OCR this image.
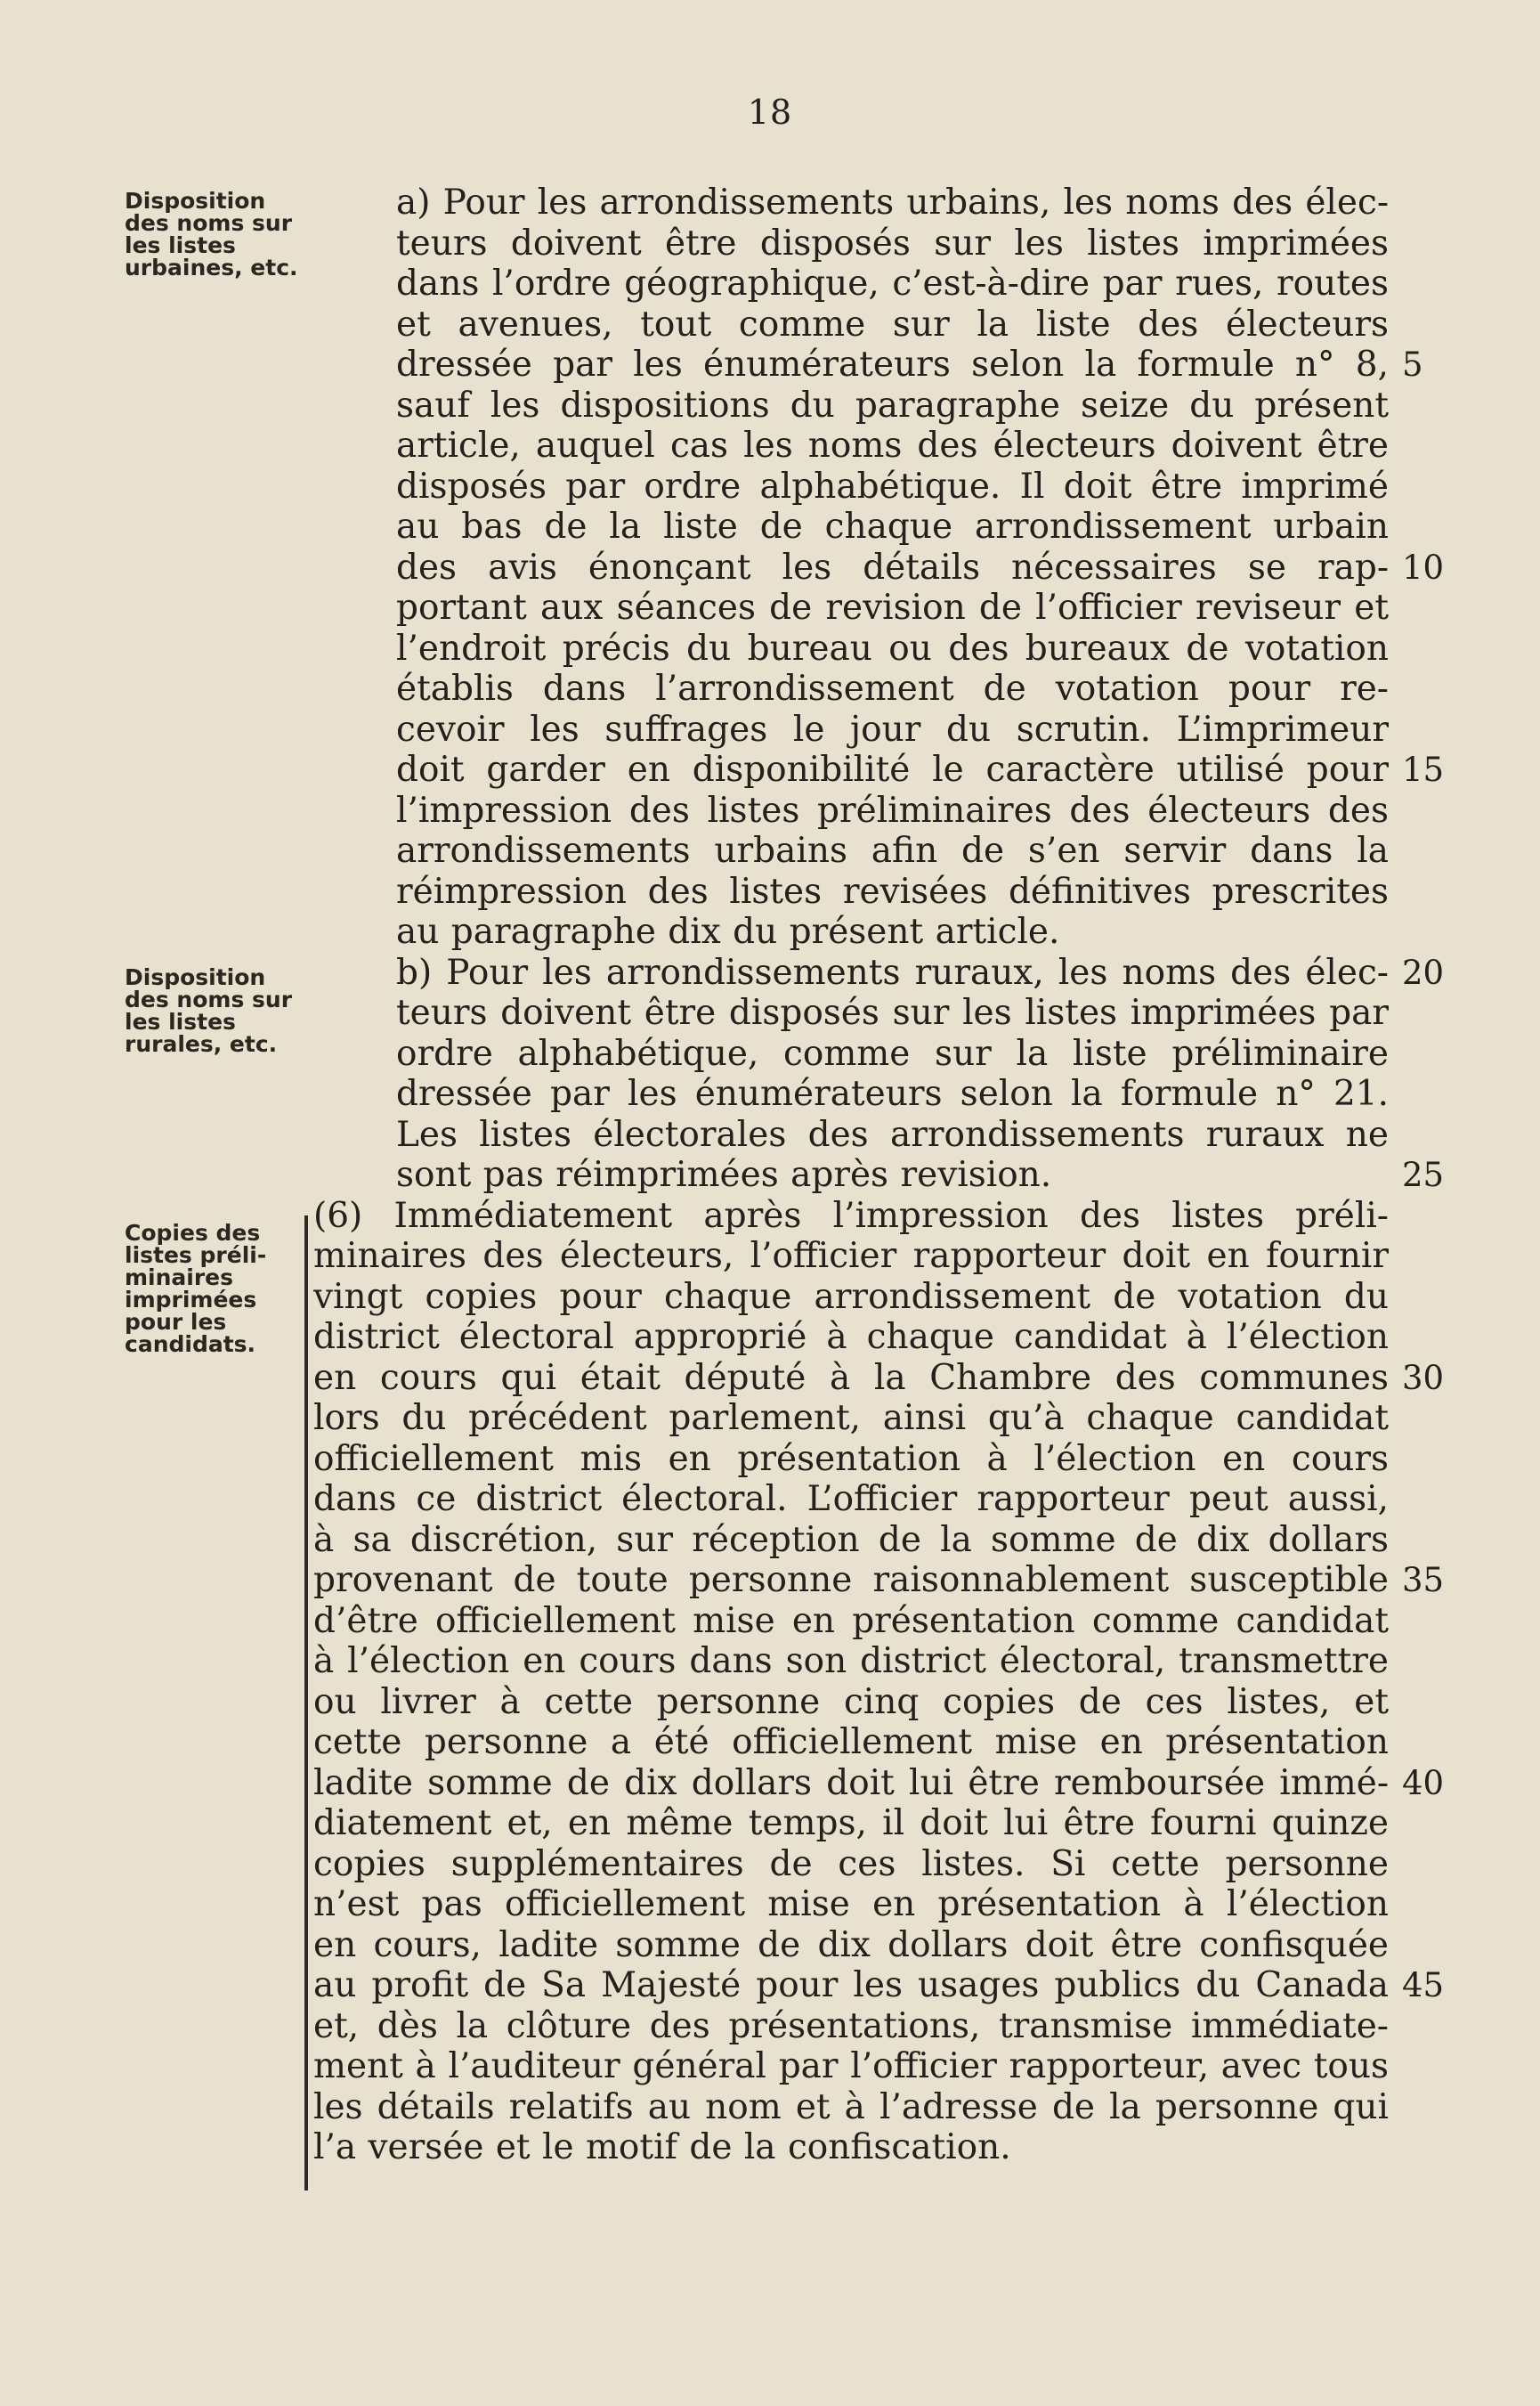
18
Disposition
des noms sur
les listes
urbaines, etc.
Disposition
des noms sur
les listes
rurales, etc.
Copies des
listes préli-
minaires
imprimées
pour les
candidats.
a) Pour les arrondissements urbains, les noms des élec-
teurs doivent être disposés sur les listes imprimées
dans l’ordre géographique, c’est-à-dire par rues, routes
et avenues, tout comme sur la liste des électeurs
dressée par les énumérateurs selon la formule n° 8,
sauf les dispositions du paragraphe seize du présent
article, auquel cas les noms des électeurs doivent être
disposés par ordre alphabétique. Il doit être imprimé
au bas de la liste de chaque arrondissement urbain
des avis énonçant les détails nécessaires se rap-
portant aux séances de revision de l’officier reviseur et
l’endroit précis du bureau ou des bureaux de votation
établis dans l’arrondissement de votation pour re-
cevoir les suffrages le jour du scrutin. L’imprimeur
doit garder en disponibilité le caractère utilisé pour
l’impression des listes préliminaires des électeurs des
arrondissements urbains afin de s’en servir dans la
réimpression des listes revisées définitives prescrites
au paragraphe dix du présent article.
b) Pour les arrondissements ruraux, les noms des élec-
teurs doivent être disposés sur les listes imprimées par
ordre alphabétique, comme sur la liste préliminaire
dressée par les énumérateurs selon la formule n° 21.
Les listes électorales des arrondissements ruraux ne
sont pas réimprimées après revision.
(6) Immédiatement après l’impression des listes préli-
minaires des électeurs, l’officier rapporteur doit en fournir
vingt copies pour chaque arrondissement de votation du
district électoral approprié à chaque candidat à l’élection
en cours qui était député à la Chambre des communes
lors du précédent parlement, ainsi qu’à chaque candidat
officiellement mis en présentation à l’élection en cours
dans ce district électoral. L’officier rapporteur peut aussi,
à sa discrétion, sur réception de la somme de dix dollars
provenant de toute personne raisonnablement susceptible
d’être officiellement mise en présentation comme candidat
à l’élection en cours dans son district électoral, transmettre
ou livrer à cette personne cinq copies de ces listes, et
cette personne a été officiellement mise en présentation
ladite somme de dix dollars doit lui être remboursée immé-
diatement et, en même temps, il doit lui être fourni quinze
copies supplémentaires de ces listes. Si cette personne
n’est pas officiellement mise en présentation à l’élection
en cours, ladite somme de dix dollars doit être confisquée
au profit de Sa Majesté pour les usages publics du Canada
et, dès la clôture des présentations, transmise immédiate-
ment à l’auditeur général par l’officier rapporteur, avec tous
les détails relatifs au nom et à l’adresse de la personne qui
l’a versée et le motif de la confiscation.
5
10
15
20
25
30
35
40
45
